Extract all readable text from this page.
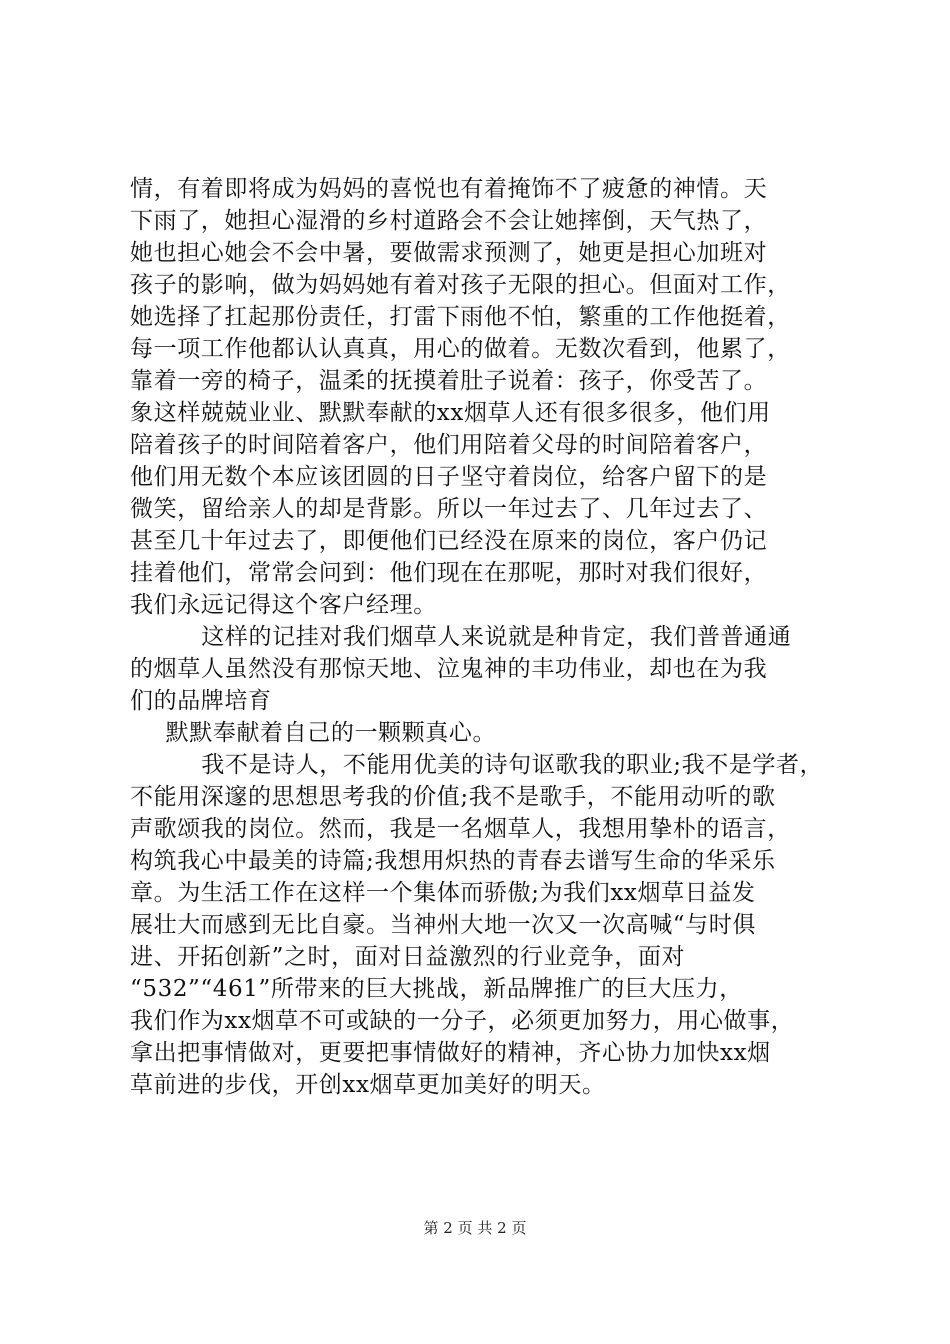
情，有着即将成为妈妈的喜悦也有着掩饰不了疲惫的神情。天
下雨了，她担心湿滑的乡村道路会不会让她摔倒，天气热了，
她也担心她会不会中暑，要做需求预测了，她更是担心加班对
孩子的影响，做为妈妈她有着对孩子无限的担心。但面对工作，
她选择了扛起那份责任，打雷下雨他不怕，繁重的工作他挺着，
每一项工作他都认认真真，用心的做着。无数次看到，他累了，
靠着一旁的椅子，温柔的抚摸着肚子说着：孩子，你受苦了。
象这样兢兢业业、默默奉献的xx烟草人还有很多很多，他们用
陪着孩子的时间陪着客户，他们用陪着父母的时间陪着客户，
他们用无数个本应该团圆的日子坚守着岗位，给客户留下的是
微笑，留给亲人的却是背影。所以一年过去了、几年过去了、
甚至几十年过去了，即便他们已经没在原来的岗位，客户仍记
挂着他们，常常会问到：他们现在在那呢，那时对我们很好，
我们永远记得这个客户经理。
这样的记挂对我们烟草人来说就是种肯定，我们普普通通
的烟草人虽然没有那惊天地、泣鬼神的丰功伟业，却也在为我
们的品牌培育
默默奉献着自己的一颗颗真心。
我不是诗人，不能用优美的诗句讴歌我的职业;我不是学者，
不能用深邃的思想思考我的价值;我不是歌手，不能用动听的歌
声歌颂我的岗位。然而，我是一名烟草人，我想用挚朴的语言，
构筑我心中最美的诗篇;我想用炽热的青春去谱写生命的华采乐
章。为生活工作在这样一个集体而骄傲;为我们xx烟草日益发
展壮大而感到无比自豪。当神州大地一次又一次高喊“与时俱
进、开拓创新”之时，面对日益激烈的行业竞争，面对
“532”“461”所带来的巨大挑战，新品牌推广的巨大压力，
我们作为xx烟草不可或缺的一分子，必须更加努力，用心做事，
拿出把事情做对，更要把事情做好的精神，齐心协力加快xx烟
草前进的步伐，开创xx烟草更加美好的明天。
第 2 页 共 2 页
